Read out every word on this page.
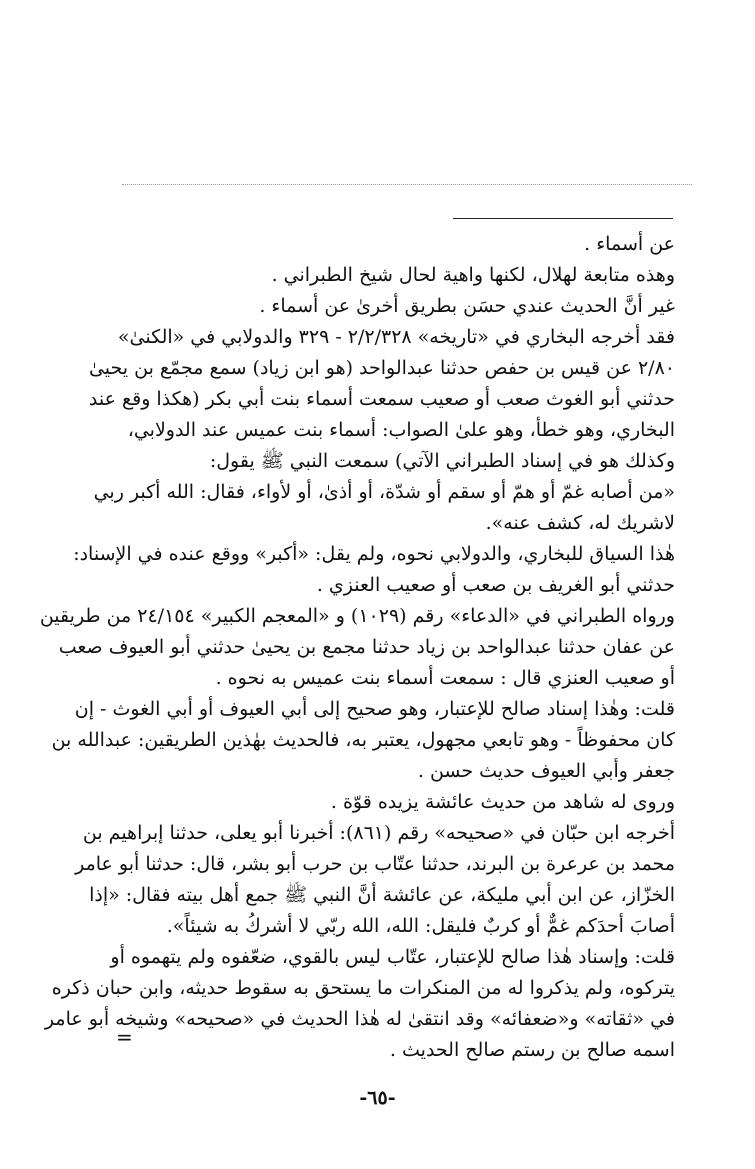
عن أسماء .
وهذه متابعة لهلال، لكنها واهية لحال شيخ الطبراني .
غير أنَّ الحديث عندي حسَن بطريق أخرىٰ عن أسماء .
فقد أخرجه البخاري في «تاريخه» ٢/٢/٣٢٨ - ٣٢٩ والدولابي في «الكنىٰ»
٢/٨٠ عن قيس بن حفص حدثنا عبدالواحد (هو ابن زياد) سمع مجمّع بن يحيىٰ
حدثني أبو الغوث صعب أو صعيب سمعت أسماء بنت أبي بكر (هكذا وقع عند
البخاري، وهو خطأ، وهو علىٰ الصواب: أسماء بنت عميس عند الدولابي،
وكذلك هو في إسناد الطبراني الآتي) سمعت النبي ﷺ يقول:
«من أصابه غمّ أو همّ أو سقم أو شدّة، أو أذىٰ، أو لأواء، فقال: الله أكبر ربي
لاشريك له، كشف عنه».
هٰذا السياق للبخاري، والدولابي نحوه، ولم يقل: «أكبر» ووقع عنده في الإسناد:
حدثني أبو الغريف بن صعب أو صعيب العنزي .
ورواه الطبراني في «الدعاء» رقم (١٠٢٩) و «المعجم الكبير» ٢٤/١٥٤ من طريقين
عن عفان حدثنا عبدالواحد بن زياد حدثنا مجمع بن يحيىٰ حدثني أبو العيوف صعب
أو صعيب العنزي قال : سمعت أسماء بنت عميس به نحوه .
قلت: وهٰذا إسناد صالح للإعتبار، وهو صحيح إلى أبي العيوف أو أبي الغوث - إن
كان محفوظاً - وهو تابعي مجهول، يعتبر به، فالحديث بهٰذين الطريقين: عبدالله بن
جعفر وأبي العيوف حديث حسن .
وروى له شاهد من حديث عائشة يزيده قوّة .
أخرجه ابن حبّان في «صحيحه» رقم (٨٦١): أخبرنا أبو يعلى، حدثنا إبراهيم بن
محمد بن عرعرة بن البرند، حدثنا عتّاب بن حرب أبو بشر، قال: حدثنا أبو عامر
الخزّاز، عن ابن أبي مليكة، عن عائشة أنَّ النبي ﷺ جمع أهل بيته فقال: «إذا
أصابَ أحدَكم غمٌّ أو كربٌ فليقل: الله، الله ربّي لا أشركُ به شيئاً».
قلت: وإسناد هٰذا صالح للإعتبار، عتّاب ليس بالقوي، ضعّفوه ولم يتهموه أو
يتركوه، ولم يذكروا له من المنكرات ما يستحق به سقوط حديثه، وابن حبان ذكره
في «ثقاته» و«ضعفائه» وقد انتقىٰ له هٰذا الحديث في «صحيحه» وشيخه أبو عامر
اسمه صالح بن رستم صالح الحديث .
=
-٦٥-
